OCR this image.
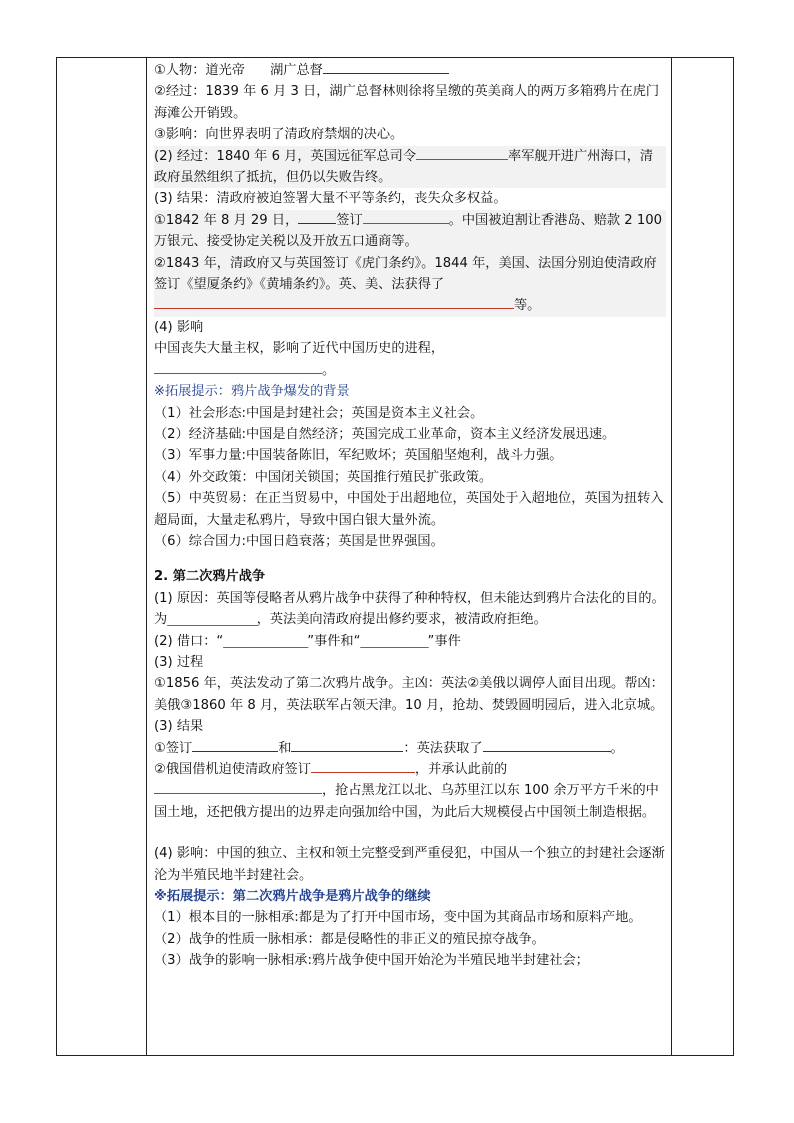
①人物：道光帝 湖广总督

②经过：1839 年 6 月 3 日，湖广总督林则徐将呈缴的英美商人的两万多箱鸦片在虎门海滩公开销毁。

③影响：向世界表明了清政府禁烟的决心。

(2) 经过：1840 年 6 月，英国远征军总司令	率军舰开进广州海口，清政府虽然组织了抵抗，但仍以失败告终。

(3) 结果：清政府被迫签署大量不平等条约，丧失众多权益。

①1842 年 8 月 29 日，	签订	。中国被迫割让香港岛、赔款 2 100 万银元、接受协定关税以及开放五口通商等。

②1843 年，清政府又与英国签订《虎门条约》。1844 年，美国、法国分别迫使清政府签订《望厦条约》《黄埔条约》。英、美、法获得了
等。

(4) 影响

中国丧失大量主权，影响了近代中国历史的进程，
。

※拓展提示：鸦片战争爆发的背景

（1）社会形态:中国是封建社会；英国是资本主义社会。

（2）经济基础:中国是自然经济；英国完成工业革命，资本主义经济发展迅速。

（3）军事力量:中国装备陈旧，军纪败坏；英国船坚炮利，战斗力强。

（4）外交政策：中国闭关锁国；英国推行殖民扩张政策。

（5）中英贸易：在正当贸易中，中国处于出超地位，英国处于入超地位，英国为扭转入超局面，大量走私鸦片，导致中国白银大量外流。

（6）综合国力:中国日趋衰落；英国是世界强国。

2. 第二次鸦片战争

(1) 原因：英国等侵略者从鸦片战争中获得了种种特权，但未能达到鸦片合法化的目的。为________________，英法美向清政府提出修约要求，被清政府拒绝。

(2) 借口：“_______________”事件和“____________”事件

(3) 过程

①1856 年，英法发动了第二次鸦片战争。主凶：英法②美俄以调停人面目出现。帮凶：美俄③1860 年 8 月，英法联军占领天津。10 月，抢劫、焚毁圆明园后，进入北京城。

(3) 结果

①签订	和	：英法获取了	。

②俄国借机迫使清政府签订	，并承认此前的
，抢占黑龙江以北、乌苏里江以东 100 余万平方千米的中国土地，还把俄方提出的边界走向强加给中国，为此后大规模侵占中国领土制造根据。

(4) 影响：中国的独立、主权和领土完整受到严重侵犯，中国从一个独立的封建社会逐渐沦为半殖民地半封建社会。

※拓展提示：第二次鸦片战争是鸦片战争的继续

（1）根本目的一脉相承:都是为了打开中国市场，变中国为其商品市场和原料产地。

（2）战争的性质一脉相承：都是侵略性的非正义的殖民掠夺战争。

（3）战争的影响一脉相承:鸦片战争使中国开始沦为半殖民地半封建社会；
